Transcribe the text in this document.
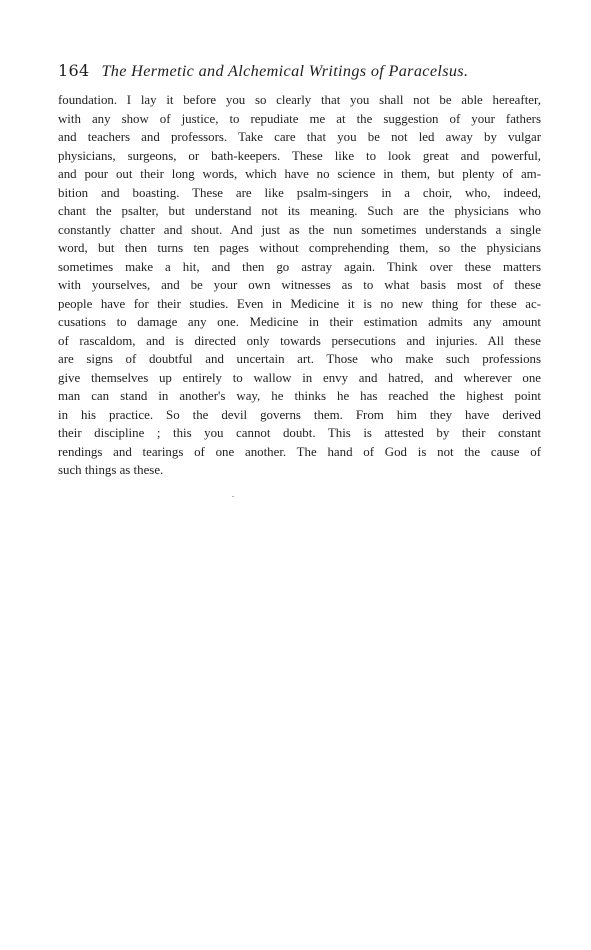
164 The Hermetic and Alchemical Writings of Paracelsus.
foundation. I lay it before you so clearly that you shall not be able hereafter,
with any show of justice, to repudiate me at the suggestion of your fathers
and teachers and professors. Take care that you be not led away by vulgar
physicians, surgeons, or bath-keepers. These like to look great and powerful,
and pour out their long words, which have no science in them, but plenty of am-
bition and boasting. These are like psalm-singers in a choir, who, indeed,
chant the psalter, but understand not its meaning. Such are the physicians who
constantly chatter and shout. And just as the nun sometimes understands a single
word, but then turns ten pages without comprehending them, so the physicians
sometimes make a hit, and then go astray again. Think over these matters
with yourselves, and be your own witnesses as to what basis most of these
people have for their studies. Even in Medicine it is no new thing for these ac-
cusations to damage any one. Medicine in their estimation admits any amount
of rascaldom, and is directed only towards persecutions and injuries. All these
are signs of doubtful and uncertain art. Those who make such professions
give themselves up entirely to wallow in envy and hatred, and wherever one
man can stand in another's way, he thinks he has reached the highest point
in his practice. So the devil governs them. From him they have derived
their discipline ; this you cannot doubt. This is attested by their constant
rendings and tearings of one another. The hand of God is not the cause of
such things as these.
